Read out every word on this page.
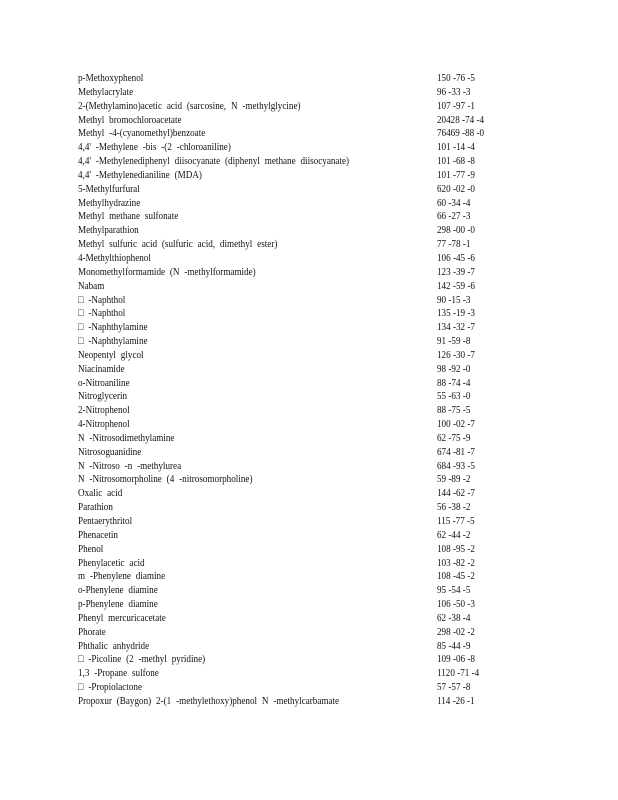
p-Methoxyphenol	150 -76 -5
Methylacrylate	96 -33 -3
2-(Methylamino)acetic acid (sarcosine, N -methylglycine)	107 -97 -1
Methyl bromochloroacetate	20428 -74 -4
Methyl -4-(cyanomethyl)benzoate	76469 -88 -0
4,4' -Methylene -bis -(2 -chloroaniline)	101 -14 -4
4,4' -Methylenediphenyl diisocyanate (diphenyl methane diisocyanate)	101 -68 -8
4,4' -Methylenedianiline (MDA)	101 -77 -9
5-Methylfurfural	620 -02 -0
Methylhydrazine	60 -34 -4
Methyl methane sulfonate	66 -27 -3
Methylparathion	298 -00 -0
Methyl sulfuric acid (sulfuric acid, dimethyl ester)	77 -78 -1
4-Methylthiophenol	106 -45 -6
Monomethylformamide (N -methylformamide)	123 -39 -7
Nabam	142 -59 -6
□ -Naphthol	90 -15 -3
□ -Naphthol	135 -19 -3
□ -Naphthylamine	134 -32 -7
□ -Naphthylamine	91 -59 -8
Neopentyl glycol	126 -30 -7
Niacinamide	98 -92 -0
o-Nitroaniline	88 -74 -4
Nitroglycerin	55 -63 -0
2-Nitrophenol	88 -75 -5
4-Nitrophenol	100 -02 -7
N -Nitrosodimethylamine	62 -75 -9
Nitrosoguanidine	674 -81 -7
N -Nitroso -n -methylurea	684 -93 -5
N -Nitrosomorpholine (4 -nitrosomorpholine)	59 -89 -2
Oxalic acid	144 -62 -7
Parathion	56 -38 -2
Pentaerythritol	115 -77 -5
Phenacetin	62 -44 -2
Phenol	108 -95 -2
Phenylacetic acid	103 -82 -2
m -Phenylene diamine	108 -45 -2
o-Phenylene diamine	95 -54 -5
p-Phenylene diamine	106 -50 -3
Phenyl mercuricacetate	62 -38 -4
Phorate	298 -02 -2
Phthalic anhydride	85 -44 -9
□ -Picoline (2 -methyl pyridine)	109 -06 -8
1,3 -Propane sulfone	1120 -71 -4
□ -Propiolactone	57 -57 -8
Propoxur (Baygon) 2-(1 -methylethoxy)phenol N -methylcarbamate	114 -26 -1
